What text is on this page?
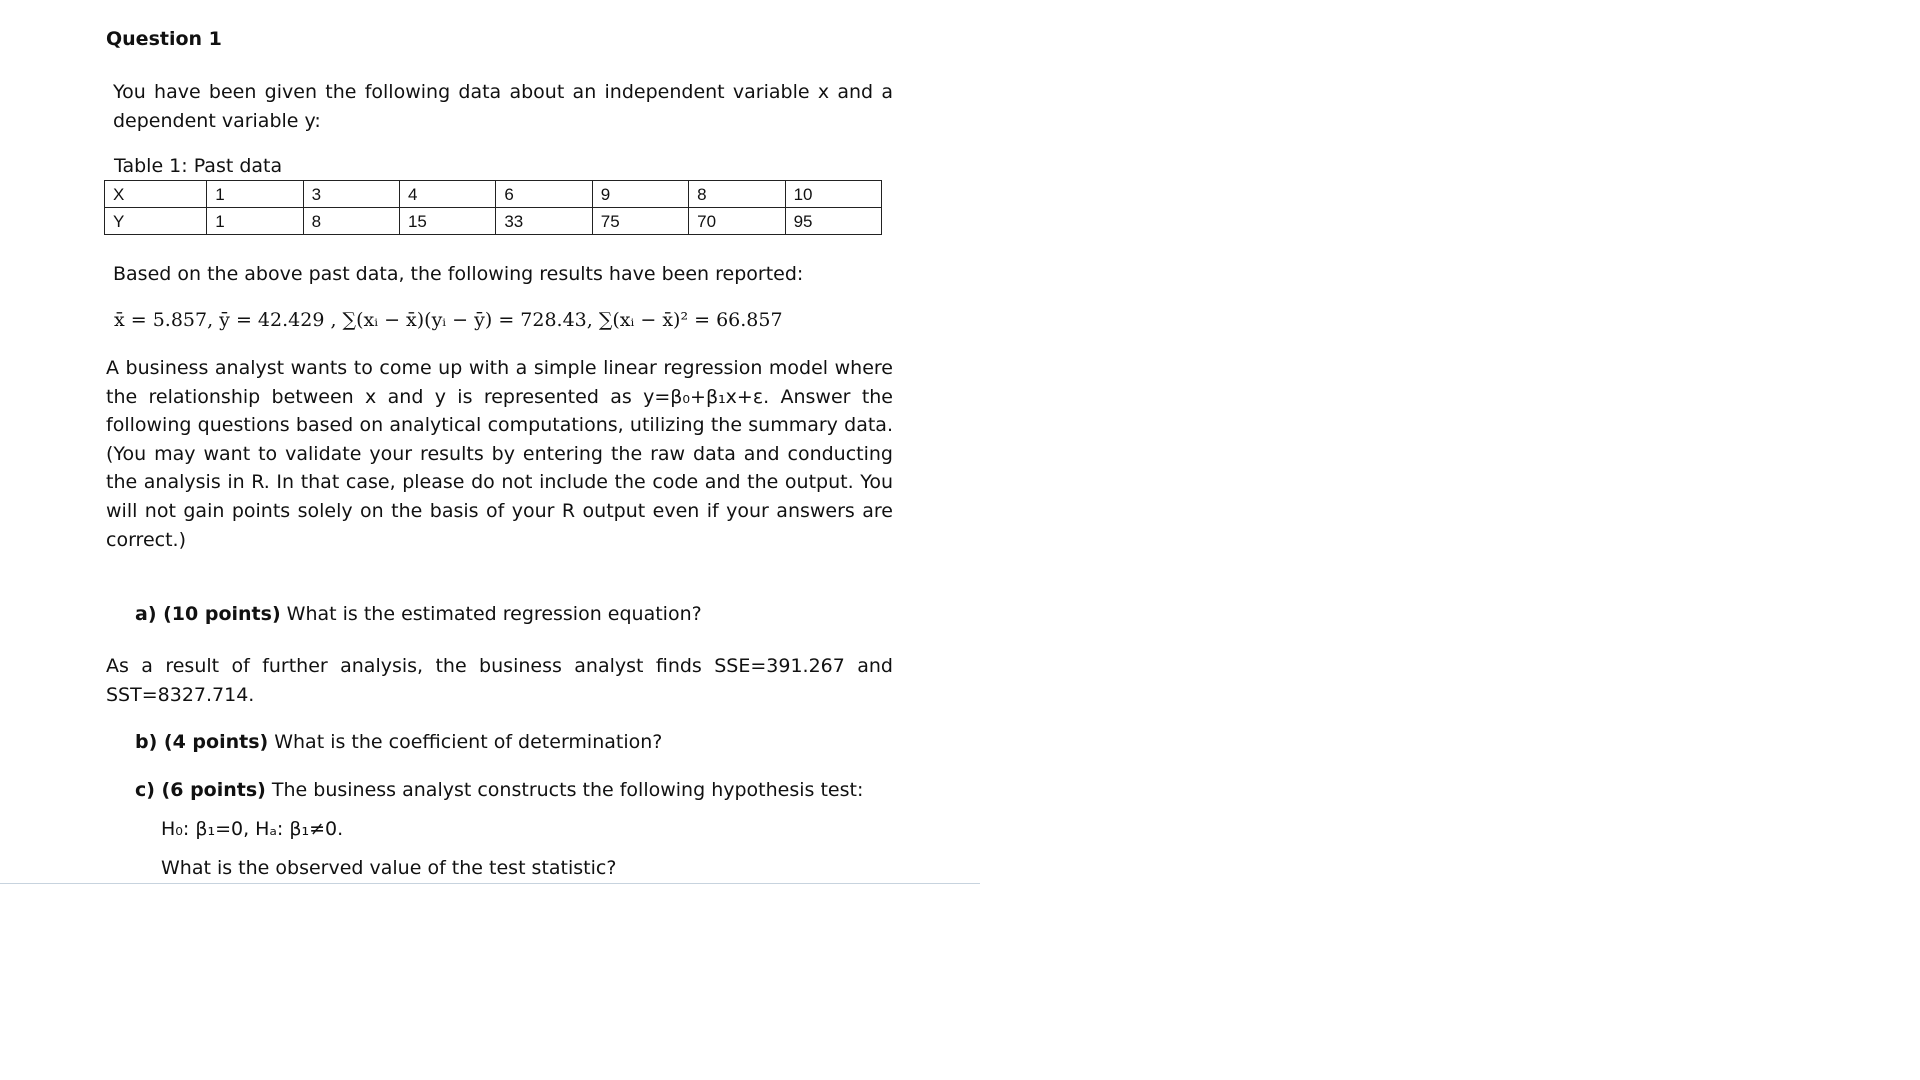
Question 1
You have been given the following data about an independent variable x and a dependent variable y:
Table 1: Past data
X	1	3	4	6	9	8	10
Y	1	8	15	33	75	70	95
Based on the above past data, the following results have been reported:
x̄ = 5.857, ȳ = 42.429 , ∑(xᵢ − x̄)(yᵢ − ȳ) = 728.43, ∑(xᵢ − x̄)² = 66.857
A business analyst wants to come up with a simple linear regression model where the relationship between x and y is represented as y=β₀+β₁x+ε. Answer the following questions based on analytical computations, utilizing the summary data. (You may want to validate your results by entering the raw data and conducting the analysis in R. In that case, please do not include the code and the output. You will not gain points solely on the basis of your R output even if your answers are correct.)
a) (10 points) What is the estimated regression equation?
As a result of further analysis, the business analyst finds SSE=391.267 and SST=8327.714.
b) (4 points) What is the coefficient of determination?
c) (6 points) The business analyst constructs the following hypothesis test:
H₀: β₁=0, Hₐ: β₁≠0.
What is the observed value of the test statistic?
